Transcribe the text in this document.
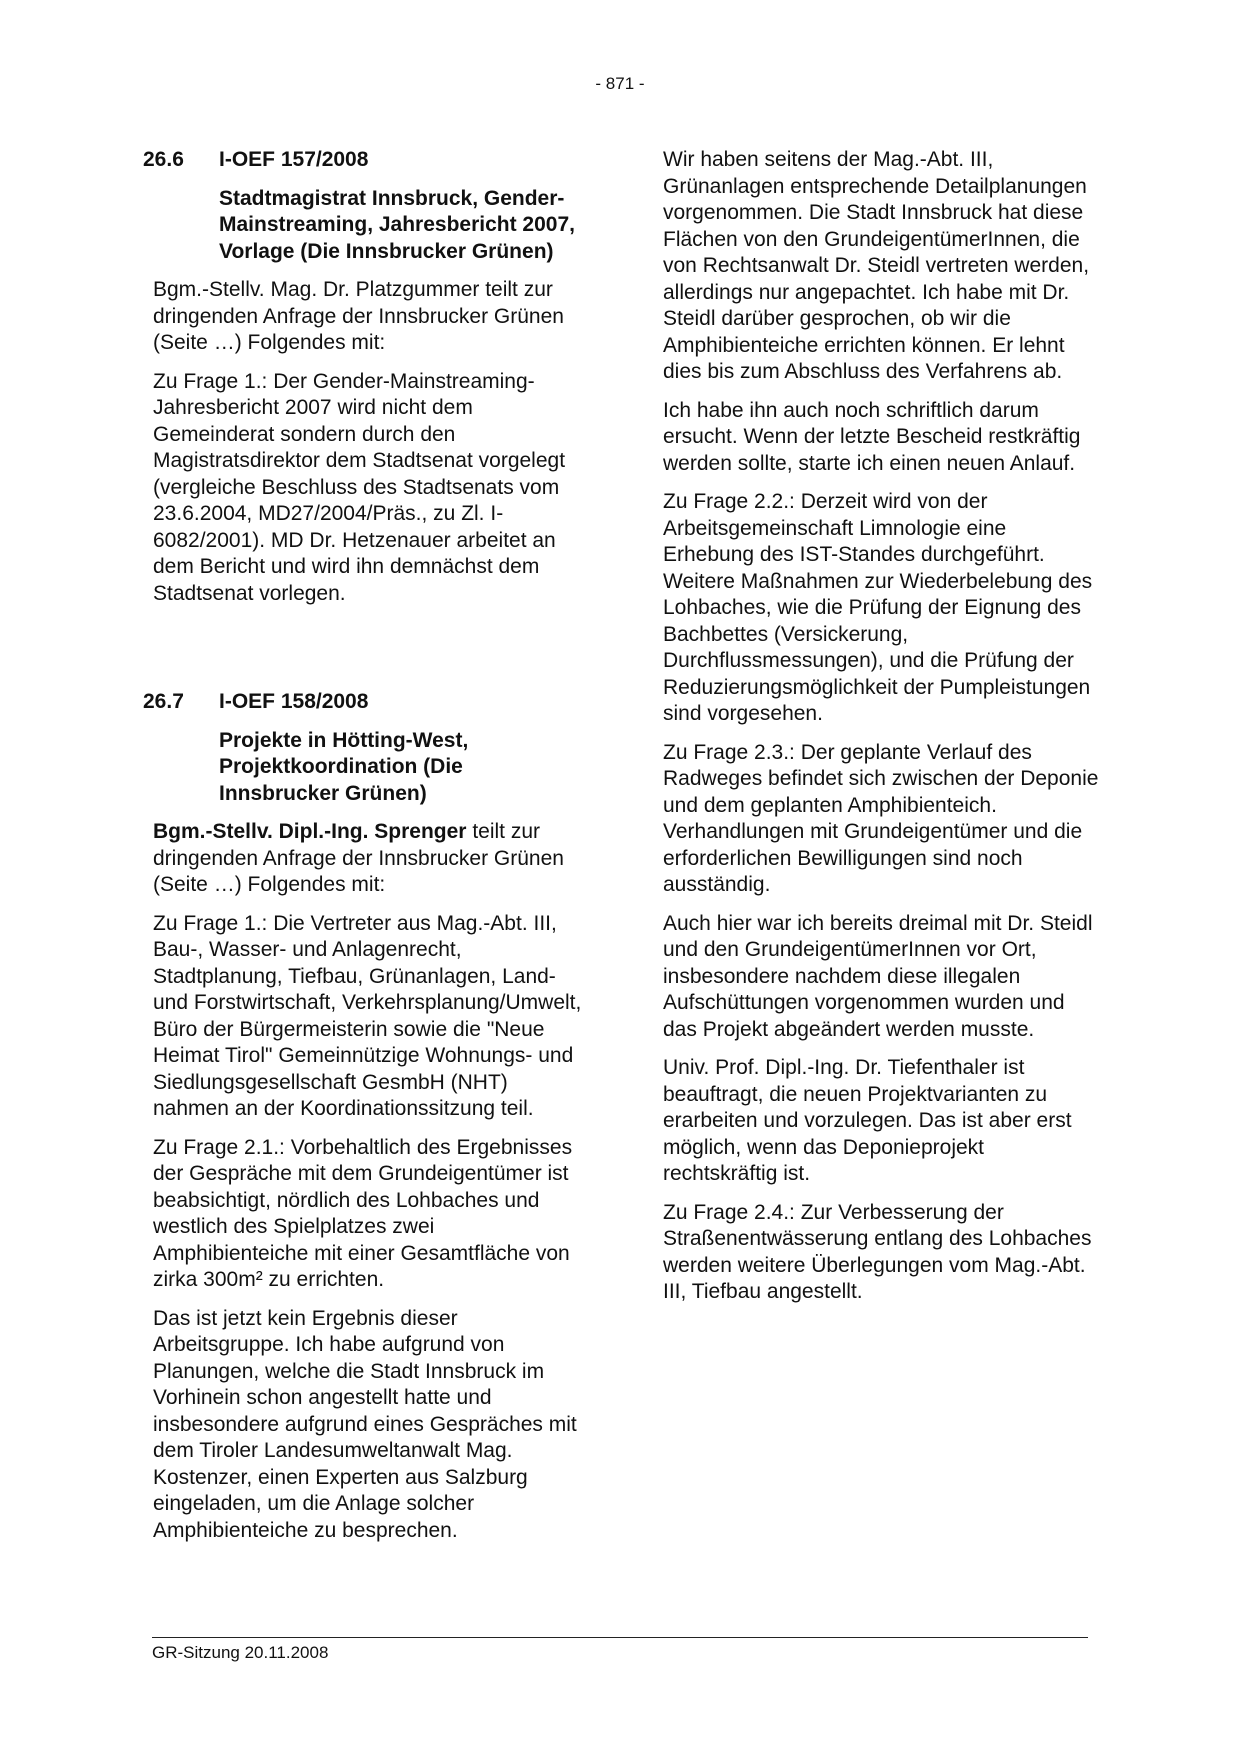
- 871 -
26.6 I-OEF 157/2008
Stadtmagistrat Innsbruck, Gender-Mainstreaming, Jahresbericht 2007, Vorlage (Die Innsbrucker Grünen)
Bgm.-Stellv. Mag. Dr. Platzgummer teilt zur dringenden Anfrage der Innsbrucker Grünen (Seite …) Folgendes mit:
Zu Frage 1.: Der Gender-Mainstreaming-Jahresbericht 2007 wird nicht dem Gemeinderat sondern durch den Magistratsdirektor dem Stadtsenat vorgelegt (vergleiche Beschluss des Stadtsenats vom 23.6.2004, MD27/2004/Präs., zu Zl. I-6082/2001). MD Dr. Hetzenauer arbeitet an dem Bericht und wird ihn demnächst dem Stadtsenat vorlegen.
26.7 I-OEF 158/2008
Projekte in Hötting-West, Projektkoordination (Die Innsbrucker Grünen)
Bgm.-Stellv. Dipl.-Ing. Sprenger teilt zur dringenden Anfrage der Innsbrucker Grünen (Seite …) Folgendes mit:
Zu Frage 1.: Die Vertreter aus Mag.-Abt. III, Bau-, Wasser- und Anlagenrecht, Stadtplanung, Tiefbau, Grünanlagen, Land- und Forstwirtschaft, Verkehrsplanung/Umwelt, Büro der Bürgermeisterin sowie die "Neue Heimat Tirol" Gemeinnützige Wohnungs- und Siedlungsgesellschaft GesmbH (NHT) nahmen an der Koordinationssitzung teil.
Zu Frage 2.1.: Vorbehaltlich des Ergebnisses der Gespräche mit dem Grundeigentümer ist beabsichtigt, nördlich des Lohbaches und westlich des Spielplatzes zwei Amphibienteiche mit einer Gesamtfläche von zirka 300m² zu errichten.
Das ist jetzt kein Ergebnis dieser Arbeitsgruppe. Ich habe aufgrund von Planungen, welche die Stadt Innsbruck im Vorhinein schon angestellt hatte und insbesondere aufgrund eines Gespräches mit dem Tiroler Landesumweltanwalt Mag. Kostenzer, einen Experten aus Salzburg eingeladen, um die Anlage solcher Amphibienteiche zu besprechen.
Wir haben seitens der Mag.-Abt. III, Grünanlagen entsprechende Detailplanungen vorgenommen. Die Stadt Innsbruck hat diese Flächen von den GrundeigentümerInnen, die von Rechtsanwalt Dr. Steidl vertreten werden, allerdings nur angepachtet. Ich habe mit Dr. Steidl darüber gesprochen, ob wir die Amphibienteiche errichten können. Er lehnt dies bis zum Abschluss des Verfahrens ab.
Ich habe ihn auch noch schriftlich darum ersucht. Wenn der letzte Bescheid restkräftig werden sollte, starte ich einen neuen Anlauf.
Zu Frage 2.2.: Derzeit wird von der Arbeitsgemeinschaft Limnologie eine Erhebung des IST-Standes durchgeführt. Weitere Maßnahmen zur Wiederbelebung des Lohbaches, wie die Prüfung der Eignung des Bachbettes (Versickerung, Durchflussmessungen), und die Prüfung der Reduzierungsmöglichkeit der Pumpleistungen sind vorgesehen.
Zu Frage 2.3.: Der geplante Verlauf des Radweges befindet sich zwischen der Deponie und dem geplanten Amphibienteich. Verhandlungen mit Grundeigentümer und die erforderlichen Bewilligungen sind noch ausständig.
Auch hier war ich bereits dreimal mit Dr. Steidl und den GrundeigentümerInnen vor Ort, insbesondere nachdem diese illegalen Aufschüttungen vorgenommen wurden und das Projekt abgeändert werden musste.
Univ. Prof. Dipl.-Ing. Dr. Tiefenthaler ist beauftragt, die neuen Projektvarianten zu erarbeiten und vorzulegen. Das ist aber erst möglich, wenn das Deponieprojekt rechtskräftig ist.
Zu Frage 2.4.: Zur Verbesserung der Straßenentwässerung entlang des Lohbaches werden weitere Überlegungen vom Mag.-Abt. III, Tiefbau angestellt.
GR-Sitzung 20.11.2008
